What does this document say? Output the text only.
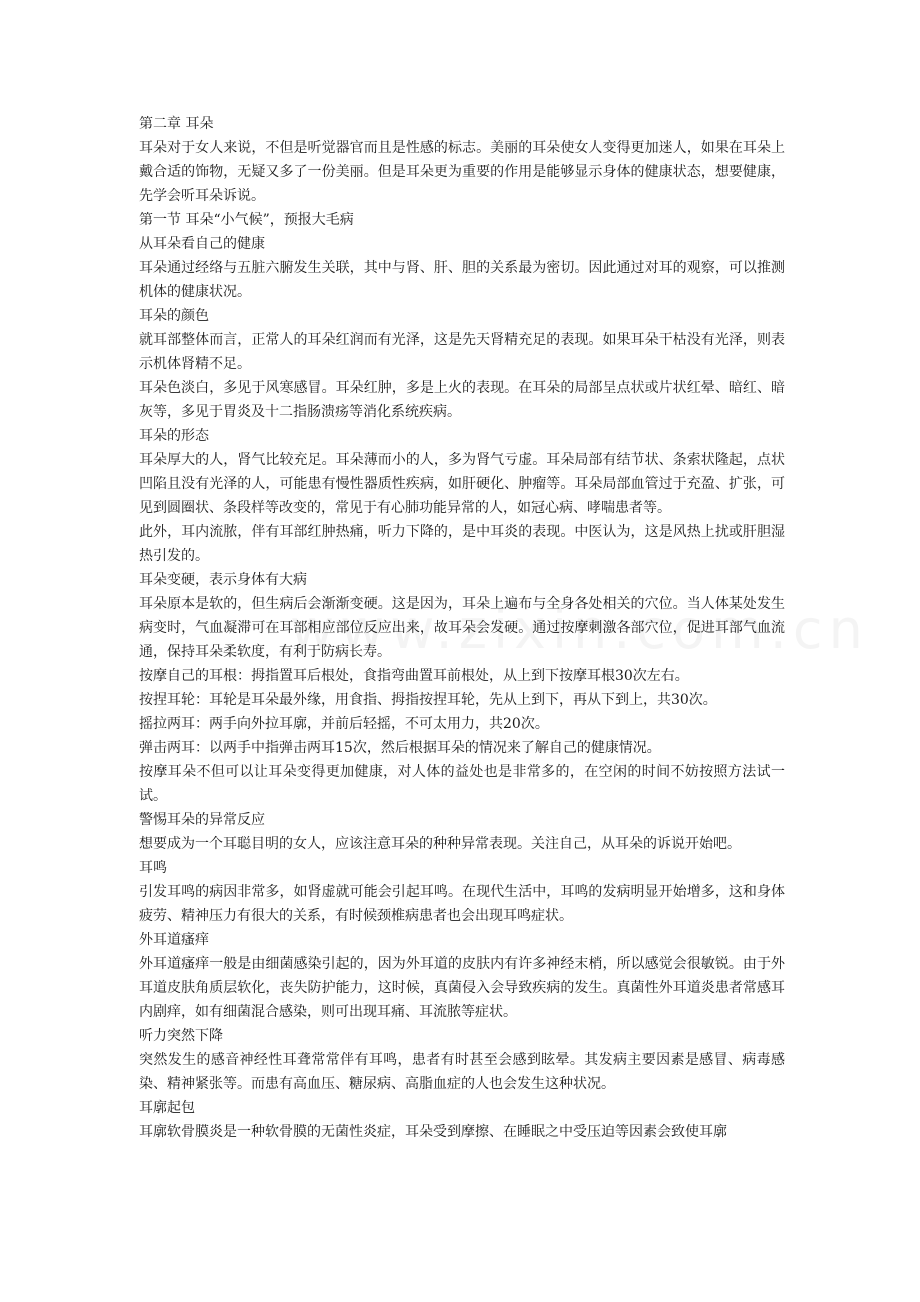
第二章 耳朵

耳朵对于女人来说，不但是听觉器官而且是性感的标志。美丽的耳朵使女人变得更加迷人，如果在耳朵上戴合适的饰物，无疑又多了一份美丽。但是耳朵更为重要的作用是能够显示身体的健康状态，想要健康，先学会听耳朵诉说。

第一节 耳朵“小气候”，预报大毛病

从耳朵看自己的健康

耳朵通过经络与五脏六腑发生关联，其中与肾、肝、胆的关系最为密切。因此通过对耳的观察，可以推测机体的健康状况。

耳朵的颜色

就耳部整体而言，正常人的耳朵红润而有光泽，这是先天肾精充足的表现。如果耳朵干枯没有光泽，则表示机体肾精不足。

耳朵色淡白，多见于风寒感冒。耳朵红肿，多是上火的表现。在耳朵的局部呈点状或片状红晕、暗红、暗灰等，多见于胃炎及十二指肠溃疡等消化系统疾病。

耳朵的形态

耳朵厚大的人，肾气比较充足。耳朵薄而小的人，多为肾气亏虚。耳朵局部有结节状、条索状隆起，点状凹陷且没有光泽的人，可能患有慢性器质性疾病，如肝硬化、肿瘤等。耳朵局部血管过于充盈、扩张，可见到圆圈状、条段样等改变的，常见于有心肺功能异常的人，如冠心病、哮喘患者等。

此外，耳内流脓，伴有耳部红肿热痛，听力下降的，是中耳炎的表现。中医认为，这是风热上扰或肝胆湿热引发的。

耳朵变硬，表示身体有大病

耳朵原本是软的，但生病后会渐渐变硬。这是因为，耳朵上遍布与全身各处相关的穴位。当人体某处发生病变时，气血凝滞可在耳部相应部位反应出来，故耳朵会发硬。通过按摩刺激各部穴位，促进耳部气血流通，保持耳朵柔软度，有利于防病长寿。

按摩自己的耳根：拇指置耳后根处，食指弯曲置耳前根处，从上到下按摩耳根30次左右。

按捏耳轮：耳轮是耳朵最外缘，用食指、拇指按捏耳轮，先从上到下，再从下到上，共30次。

摇拉两耳：两手向外拉耳廓，并前后轻摇，不可太用力，共20次。

弹击两耳：以两手中指弹击两耳15次，然后根据耳朵的情况来了解自己的健康情况。

按摩耳朵不但可以让耳朵变得更加健康，对人体的益处也是非常多的，在空闲的时间不妨按照方法试一试。

警惕耳朵的异常反应

想要成为一个耳聪目明的女人，应该注意耳朵的种种异常表现。关注自己，从耳朵的诉说开始吧。

耳鸣

引发耳鸣的病因非常多，如肾虚就可能会引起耳鸣。在现代生活中，耳鸣的发病明显开始增多，这和身体疲劳、精神压力有很大的关系，有时候颈椎病患者也会出现耳鸣症状。

外耳道瘙痒

外耳道瘙痒一般是由细菌感染引起的，因为外耳道的皮肤内有许多神经末梢，所以感觉会很敏锐。由于外耳道皮肤角质层软化，丧失防护能力，这时候，真菌侵入会导致疾病的发生。真菌性外耳道炎患者常感耳内剧痒，如有细菌混合感染，则可出现耳痛、耳流脓等症状。

听力突然下降

突然发生的感音神经性耳聋常常伴有耳鸣，患者有时甚至会感到眩晕。其发病主要因素是感冒、病毒感染、精神紧张等。而患有高血压、糖尿病、高脂血症的人也会发生这种状况。

耳廓起包

耳廓软骨膜炎是一种软骨膜的无菌性炎症，耳朵受到摩擦、在睡眠之中受压迫等因素会致使耳廓
